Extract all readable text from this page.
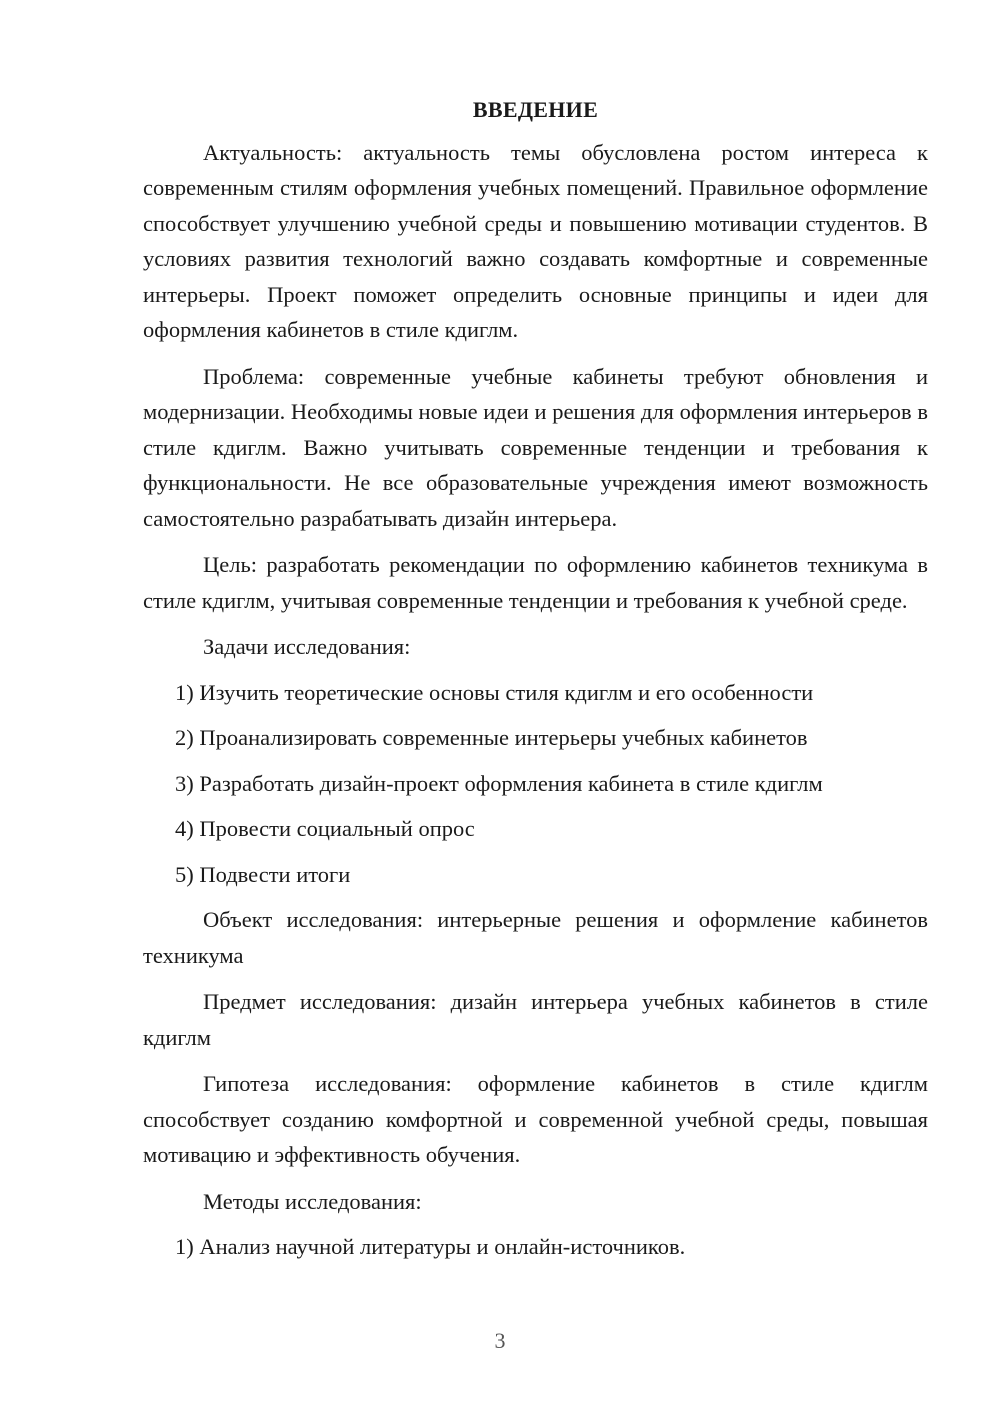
ВВЕДЕНИЕ

Актуальность: актуальность темы обусловлена ростом интереса к современным стилям оформления учебных помещений. Правильное оформление способствует улучшению учебной среды и повышению мотивации студентов. В условиях развития технологий важно создавать комфортные и современные интерьеры. Проект поможет определить основные принципы и идеи для оформления кабинетов в стиле кдиглм.

Проблема: современные учебные кабинеты требуют обновления и модернизации. Необходимы новые идеи и решения для оформления интерьеров в стиле кдиглм. Важно учитывать современные тенденции и требования к функциональности. Не все образовательные учреждения имеют возможность самостоятельно разрабатывать дизайн интерьера.

Цель: разработать рекомендации по оформлению кабинетов техникума в стиле кдиглм, учитывая современные тенденции и требования к учебной среде.

Задачи исследования:

1) Изучить теоретические основы стиля кдиглм и его особенности

2) Проанализировать современные интерьеры учебных кабинетов

3) Разработать дизайн-проект оформления кабинета в стиле кдиглм

4) Провести социальный опрос

5) Подвести итоги

Объект исследования: интерьерные решения и оформление кабинетов техникума

Предмет исследования: дизайн интерьера учебных кабинетов в стиле кдиглм

Гипотеза исследования: оформление кабинетов в стиле кдиглм способствует созданию комфортной и современной учебной среды, повышая мотивацию и эффективность обучения.

Методы исследования:

1) Анализ научной литературы и онлайн-источников.

3
